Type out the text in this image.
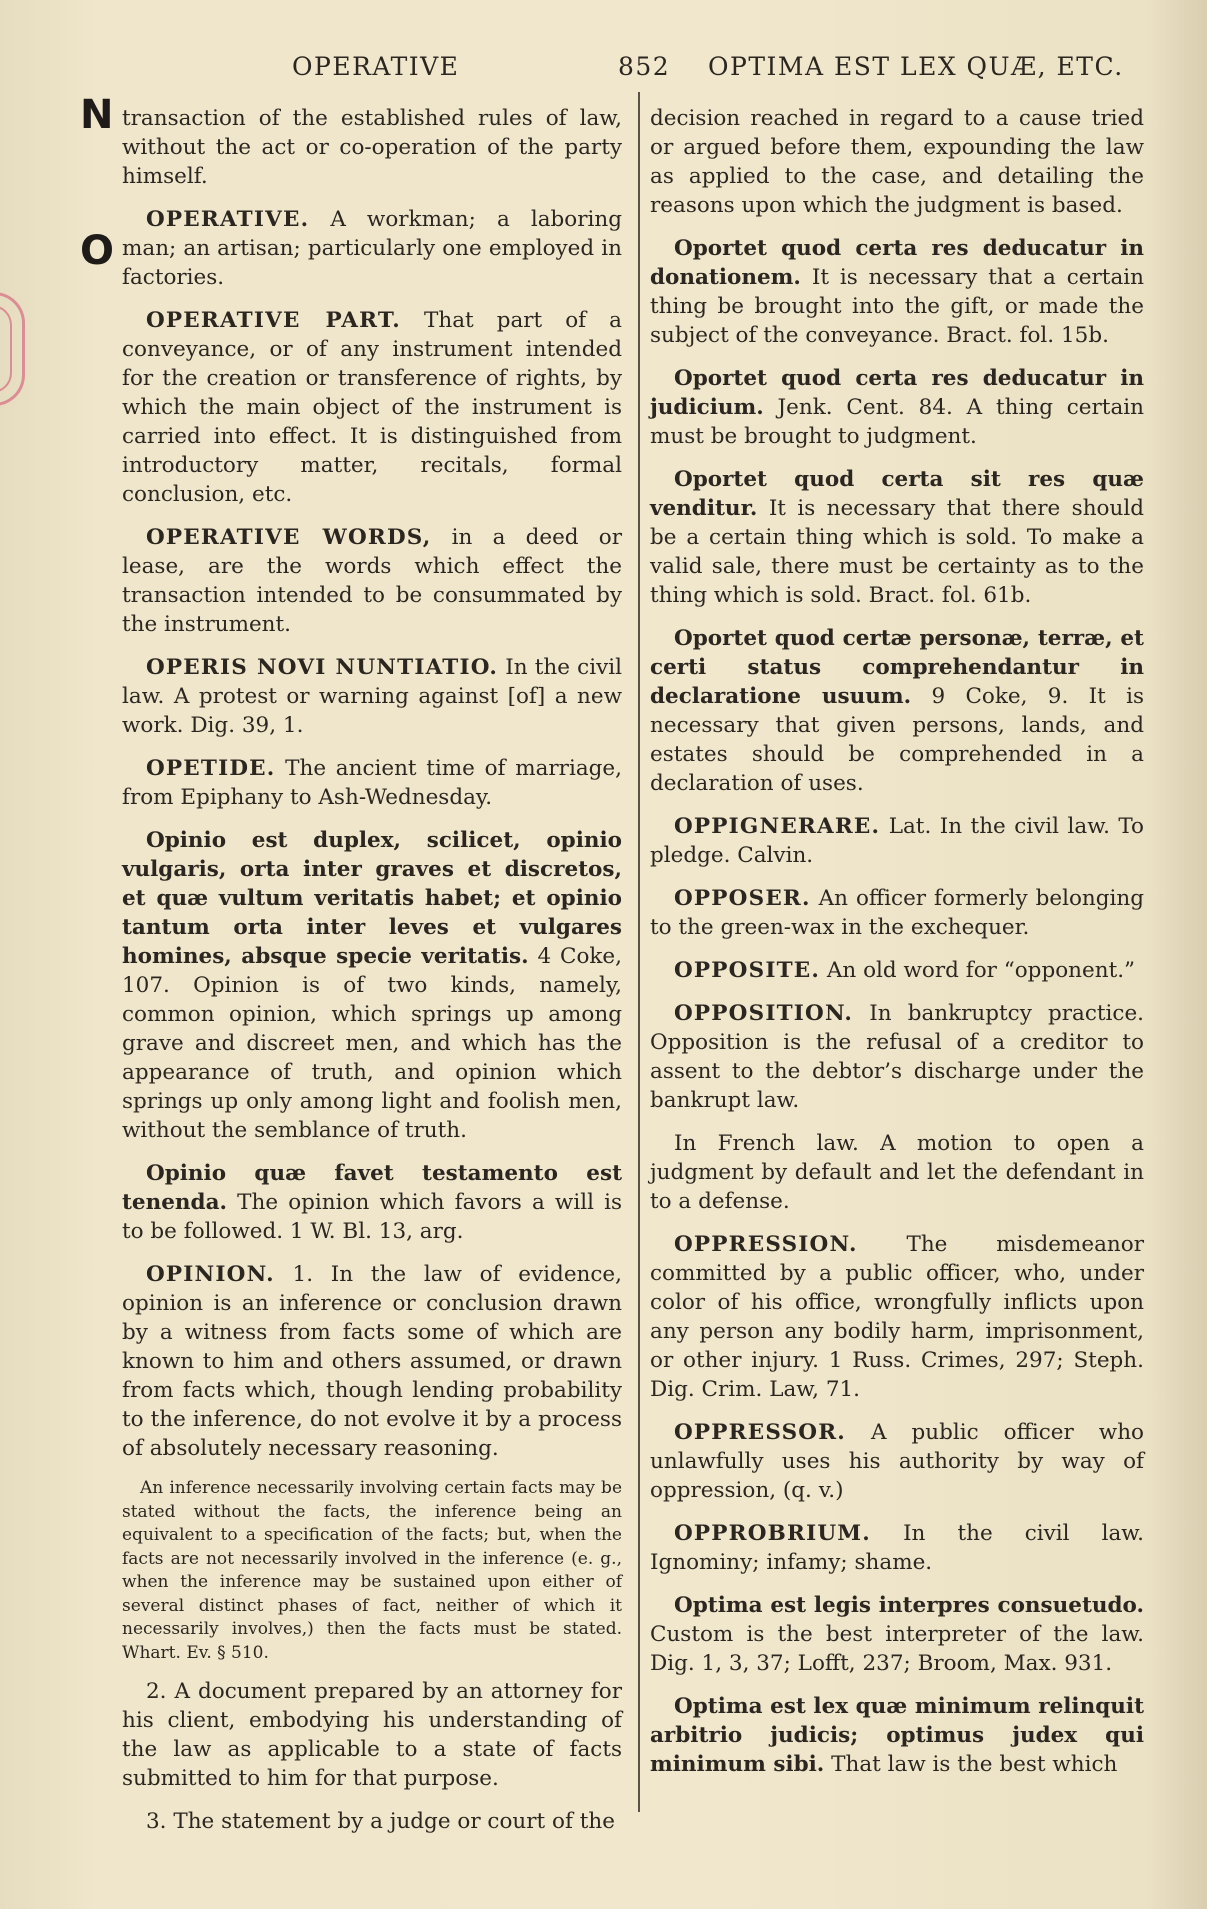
OPERATIVE	852 OPTIMA EST LEX QUÆ, ETC.
N
O

transaction of the established rules of law, without the act or co-operation of the party himself.

OPERATIVE. A workman; a laboring man; an artisan; particularly one employed in factories.

OPERATIVE PART. That part of a conveyance, or of any instrument intended for the creation or transference of rights, by which the main object of the instrument is carried into effect. It is distinguished from introductory matter, recitals, formal conclusion, etc.

OPERATIVE WORDS, in a deed or lease, are the words which effect the transaction intended to be consummated by the instrument.

OPERIS NOVI NUNTIATIO. In the civil law. A protest or warning against [of] a new work. Dig. 39, 1.

OPETIDE. The ancient time of marriage, from Epiphany to Ash-Wednesday.

Opinio est duplex, scilicet, opinio vulgaris, orta inter graves et discretos, et quæ vultum veritatis habet; et opinio tantum orta inter leves et vulgares homines, absque specie veritatis. 4 Coke, 107. Opinion is of two kinds, namely, common opinion, which springs up among grave and discreet men, and which has the appearance of truth, and opinion which springs up only among light and foolish men, without the semblance of truth.

Opinio quæ favet testamento est tenenda. The opinion which favors a will is to be followed. 1 W. Bl. 13, arg.

OPINION. 1. In the law of evidence, opinion is an inference or conclusion drawn by a witness from facts some of which are known to him and others assumed, or drawn from facts which, though lending probability to the inference, do not evolve it by a process of absolutely necessary reasoning.

An inference necessarily involving certain facts may be stated without the facts, the inference being an equivalent to a specification of the facts; but, when the facts are not necessarily involved in the inference (e. g., when the inference may be sustained upon either of several distinct phases of fact, neither of which it necessarily involves,) then the facts must be stated. Whart. Ev. § 510.

2. A document prepared by an attorney for his client, embodying his understanding of the law as applicable to a state of facts submitted to him for that purpose.

3. The statement by a judge or court of the

decision reached in regard to a cause tried or argued before them, expounding the law as applied to the case, and detailing the reasons upon which the judgment is based.

Oportet quod certa res deducatur in donationem. It is necessary that a certain thing be brought into the gift, or made the subject of the conveyance. Bract. fol. 15b.

Oportet quod certa res deducatur in judicium. Jenk. Cent. 84. A thing certain must be brought to judgment.

Oportet quod certa sit res quæ venditur. It is necessary that there should be a certain thing which is sold. To make a valid sale, there must be certainty as to the thing which is sold. Bract. fol. 61b.

Oportet quod certæ personæ, terræ, et certi status comprehendantur in declaratione usuum. 9 Coke, 9. It is necessary that given persons, lands, and estates should be comprehended in a declaration of uses.

OPPIGNERARE. Lat. In the civil law. To pledge. Calvin.

OPPOSER. An officer formerly belonging to the green-wax in the exchequer.

OPPOSITE. An old word for “opponent.”

OPPOSITION. In bankruptcy practice. Opposition is the refusal of a creditor to assent to the debtor’s discharge under the bankrupt law.

In French law. A motion to open a judgment by default and let the defendant in to a defense.

OPPRESSION. The misdemeanor committed by a public officer, who, under color of his office, wrongfully inflicts upon any person any bodily harm, imprisonment, or other injury. 1 Russ. Crimes, 297; Steph. Dig. Crim. Law, 71.

OPPRESSOR. A public officer who unlawfully uses his authority by way of oppression, (q. v.)

OPPROBRIUM. In the civil law. Ignominy; infamy; shame.

Optima est legis interpres consuetudo. Custom is the best interpreter of the law. Dig. 1, 3, 37; Lofft, 237; Broom, Max. 931.

Optima est lex quæ minimum relinquit arbitrio judicis; optimus judex qui minimum sibi. That law is the best which
